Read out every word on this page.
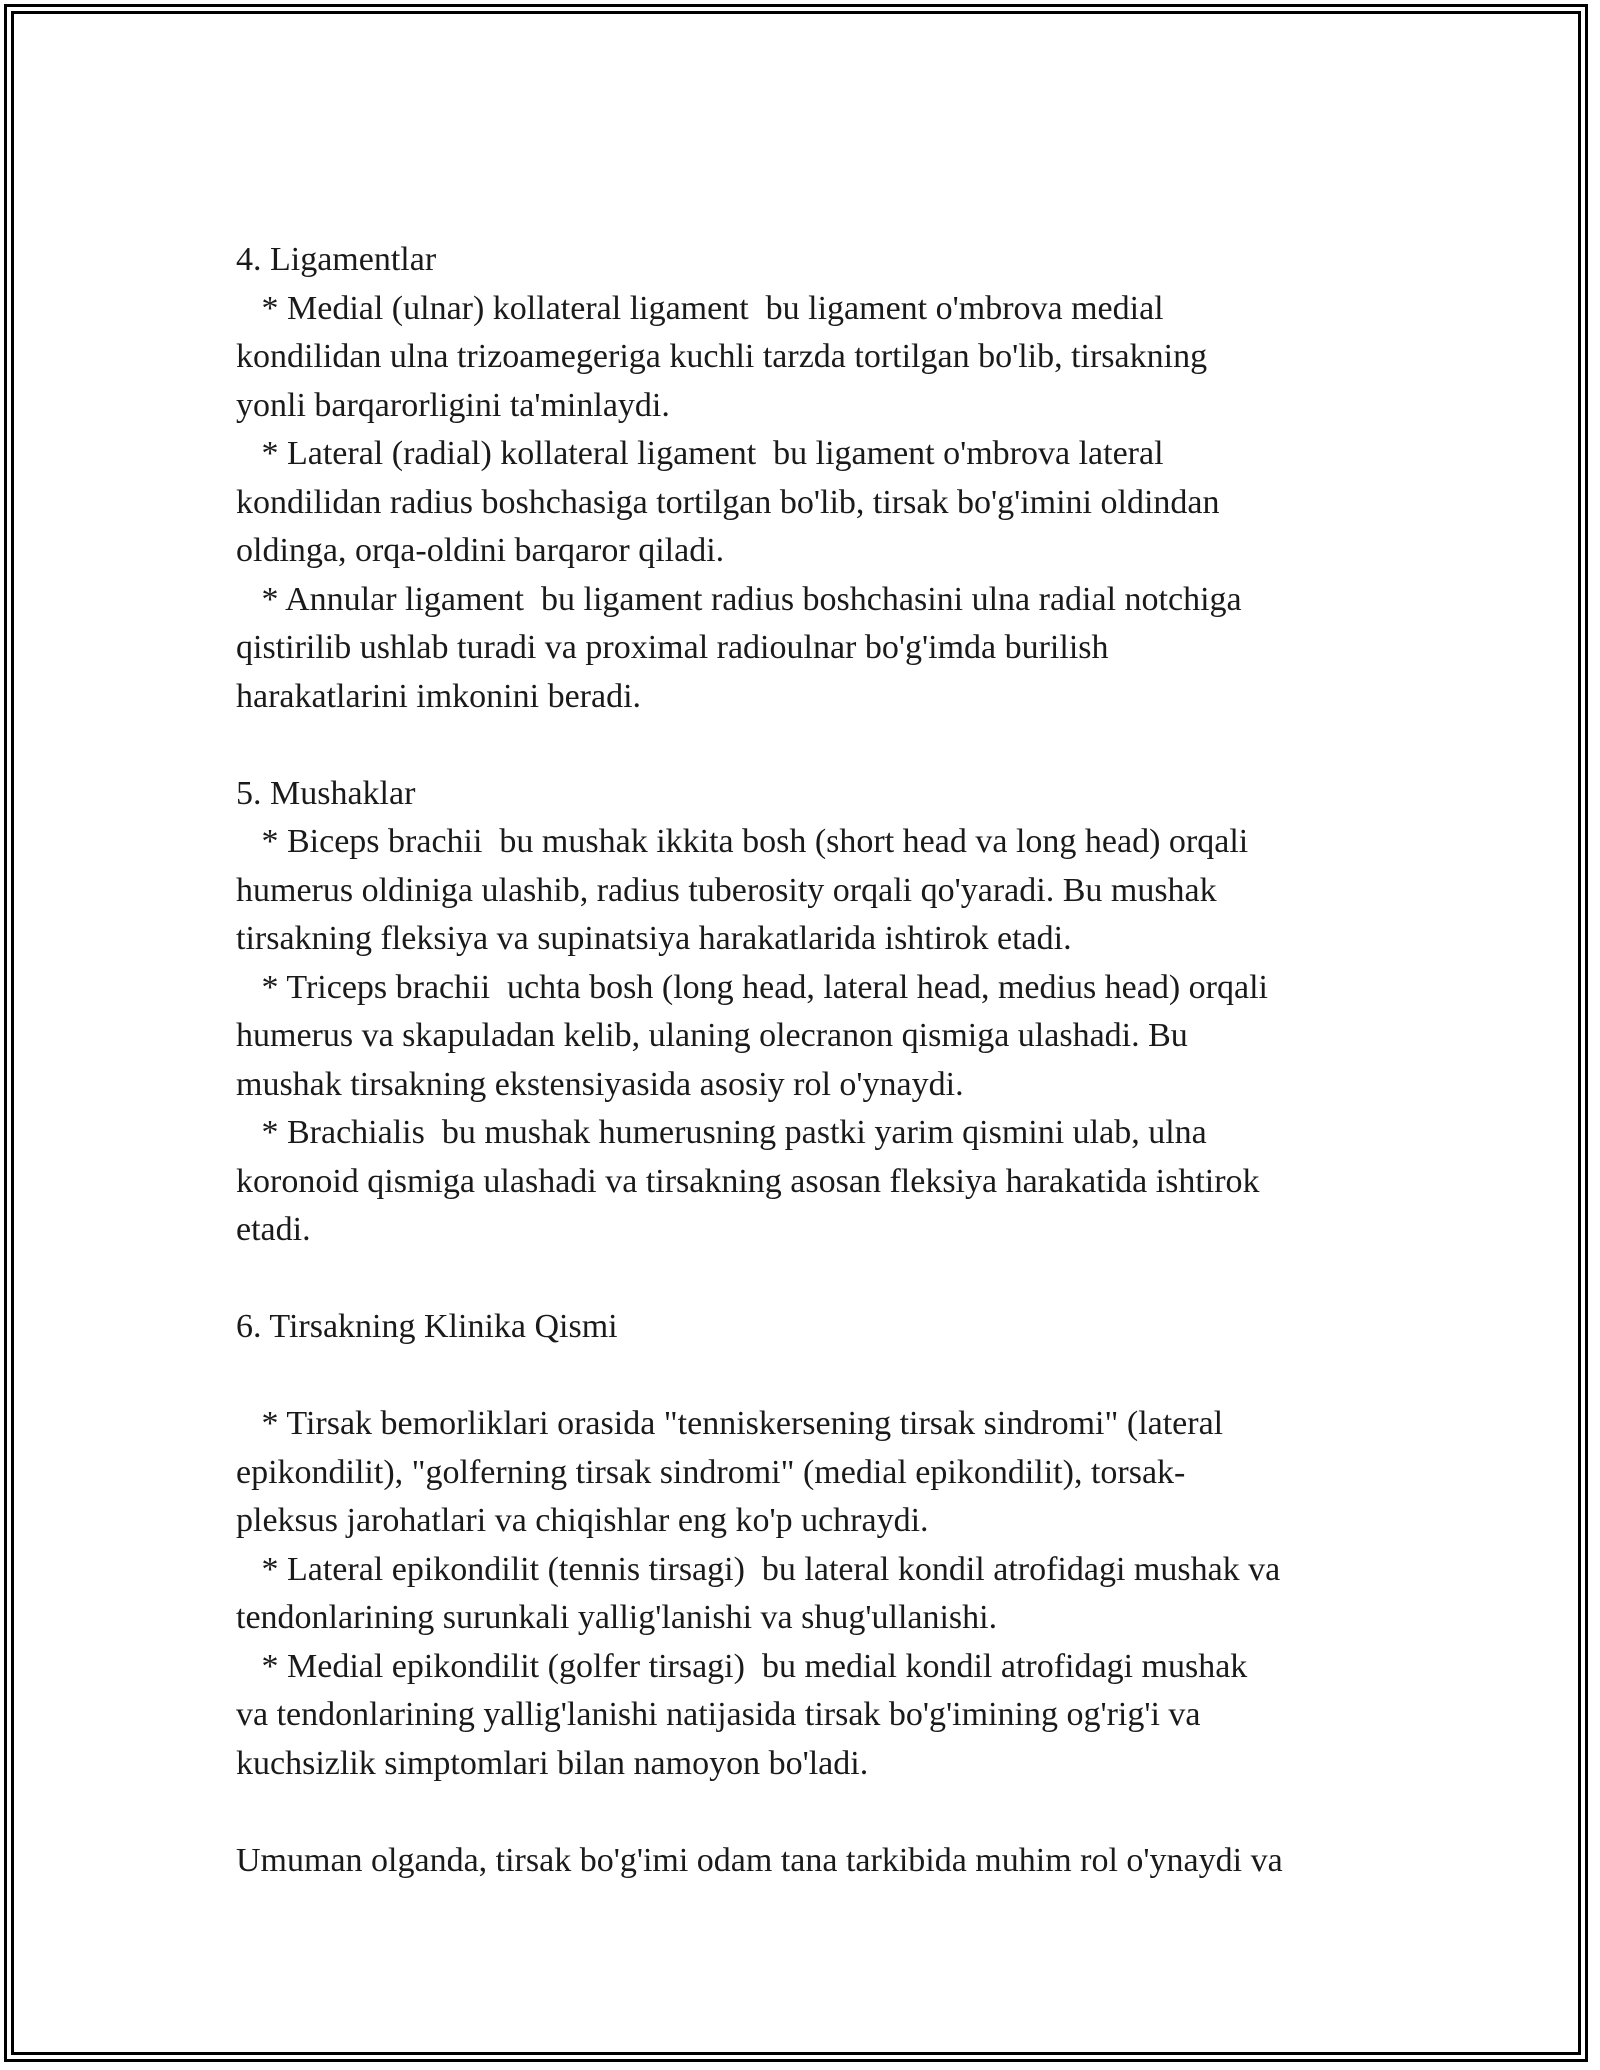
4. Ligamentlar
* Medial (ulnar) kollateral ligament  bu ligament o'mbrova medial
kondilidan ulna trizoamegeriga kuchli tarzda tortilgan bo'lib, tirsakning
yonli barqarorligini ta'minlaydi.
* Lateral (radial) kollateral ligament  bu ligament o'mbrova lateral
kondilidan radius boshchasiga tortilgan bo'lib, tirsak bo'g'imini oldindan
oldinga, orqa-oldini barqaror qiladi.
* Annular ligament  bu ligament radius boshchasini ulna radial notchiga
qistirilib ushlab turadi va proximal radioulnar bo'g'imda burilish
harakatlarini imkonini beradi.
5. Mushaklar
* Biceps brachii  bu mushak ikkita bosh (short head va long head) orqali
humerus oldiniga ulashib, radius tuberosity orqali qo'yaradi. Bu mushak
tirsakning fleksiya va supinatsiya harakatlarida ishtirok etadi.
* Triceps brachii  uchta bosh (long head, lateral head, medius head) orqali
humerus va skapuladan kelib, ulaning olecranon qismiga ulashadi. Bu
mushak tirsakning ekstensiyasida asosiy rol o'ynaydi.
* Brachialis  bu mushak humerusning pastki yarim qismini ulab, ulna
koronoid qismiga ulashadi va tirsakning asosan fleksiya harakatida ishtirok
etadi.
6. Tirsakning Klinika Qismi
* Tirsak bemorliklari orasida "tenniskersening tirsak sindromi" (lateral
epikondilit), "golferning tirsak sindromi" (medial epikondilit), torsak-
pleksus jarohatlari va chiqishlar eng ko'p uchraydi.
* Lateral epikondilit (tennis tirsagi)  bu lateral kondil atrofidagi mushak va
tendonlarining surunkali yallig'lanishi va shug'ullanishi.
* Medial epikondilit (golfer tirsagi)  bu medial kondil atrofidagi mushak
va tendonlarining yallig'lanishi natijasida tirsak bo'g'imining og'rig'i va
kuchsizlik simptomlari bilan namoyon bo'ladi.
Umuman olganda, tirsak bo'g'imi odam tana tarkibida muhim rol o'ynaydi va
